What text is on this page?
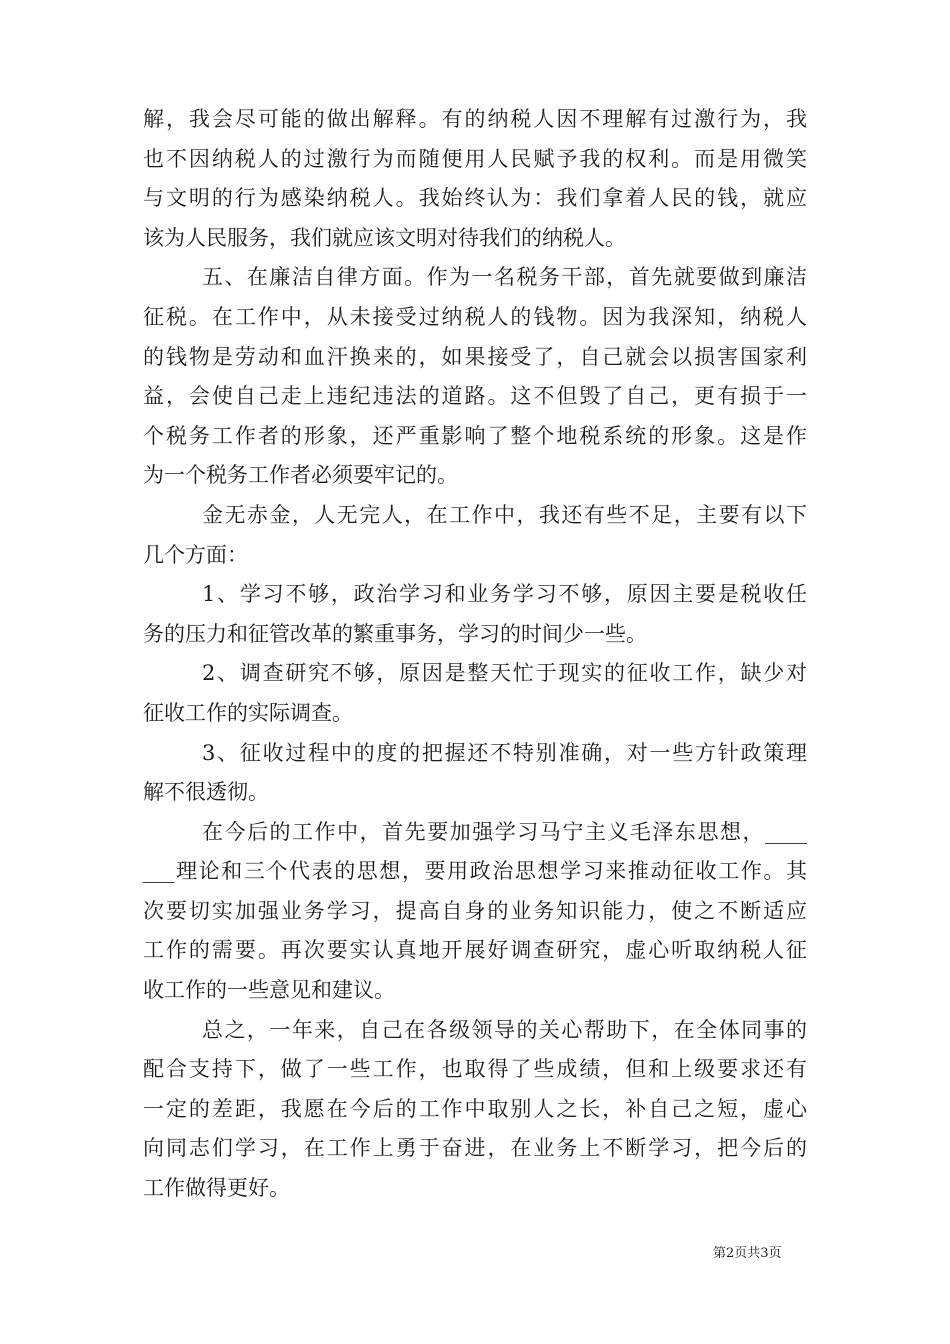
解，我会尽可能的做出解释。有的纳税人因不理解有过激行为，我
也不因纳税人的过激行为而随便用人民赋予我的权利。而是用微笑
与文明的行为感染纳税人。我始终认为：我们拿着人民的钱，就应
该为人民服务，我们就应该文明对待我们的纳税人。
五、在廉洁自律方面。作为一名税务干部，首先就要做到廉洁
征税。在工作中，从未接受过纳税人的钱物。因为我深知，纳税人
的钱物是劳动和血汗换来的，如果接受了，自己就会以损害国家利
益，会使自己走上违纪违法的道路。这不但毁了自己，更有损于一
个税务工作者的形象，还严重影响了整个地税系统的形象。这是作
为一个税务工作者必须要牢记的。
金无赤金，人无完人，在工作中，我还有些不足，主要有以下
几个方面：
1、学习不够，政治学习和业务学习不够，原因主要是税收任
务的压力和征管改革的繁重事务，学习的时间少一些。
2、调查研究不够，原因是整天忙于现实的征收工作，缺少对
征收工作的实际调查。
3、征收过程中的度的把握还不特别准确，对一些方针政策理
解不很透彻。
在今后的工作中，首先要加强学习马宁主义毛泽东思想，____
___理论和三个代表的思想，要用政治思想学习来推动征收工作。其
次要切实加强业务学习，提高自身的业务知识能力，使之不断适应
工作的需要。再次要实认真地开展好调查研究，虚心听取纳税人征
收工作的一些意见和建议。
总之，一年来，自己在各级领导的关心帮助下，在全体同事的
配合支持下，做了一些工作，也取得了些成绩，但和上级要求还有
一定的差距，我愿在今后的工作中取别人之长，补自己之短，虚心
向同志们学习，在工作上勇于奋进，在业务上不断学习，把今后的
工作做得更好。
第2页共3页
